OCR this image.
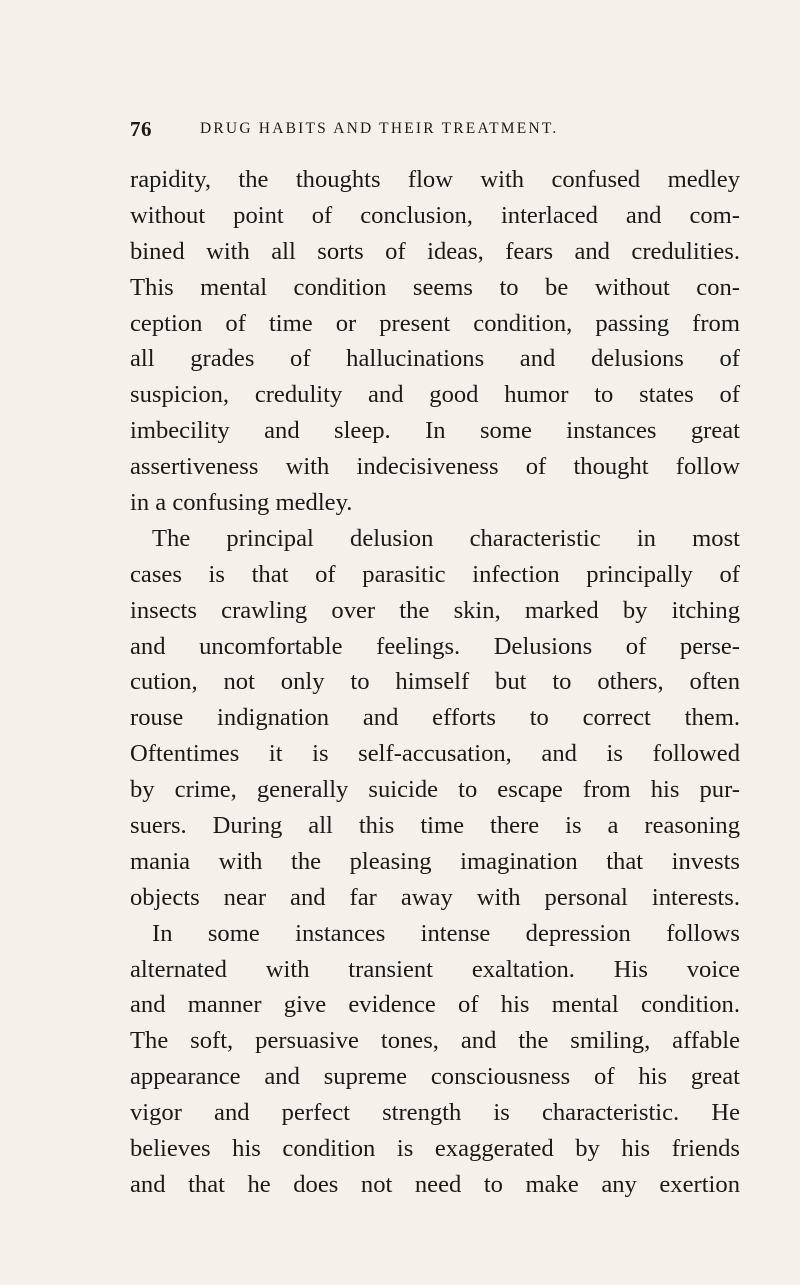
76	DRUG HABITS AND THEIR TREATMENT.
rapidity, the thoughts flow with confused medley
without point of conclusion, interlaced and com-
bined with all sorts of ideas, fears and credulities.
This mental condition seems to be without con-
ception of time or present condition, passing from
all grades of hallucinations and delusions of
suspicion, credulity and good humor to states of
imbecility and sleep. In some instances great
assertiveness with indecisiveness of thought follow
in a confusing medley.
The principal delusion characteristic in most
cases is that of parasitic infection principally of
insects crawling over the skin, marked by itching
and uncomfortable feelings. Delusions of perse-
cution, not only to himself but to others, often
rouse indignation and efforts to correct them.
Oftentimes it is self-accusation, and is followed
by crime, generally suicide to escape from his pur-
suers. During all this time there is a reasoning
mania with the pleasing imagination that invests
objects near and far away with personal interests.
In some instances intense depression follows
alternated with transient exaltation. His voice
and manner give evidence of his mental condition.
The soft, persuasive tones, and the smiling, affable
appearance and supreme consciousness of his great
vigor and perfect strength is characteristic. He
believes his condition is exaggerated by his friends
and that he does not need to make any exertion
